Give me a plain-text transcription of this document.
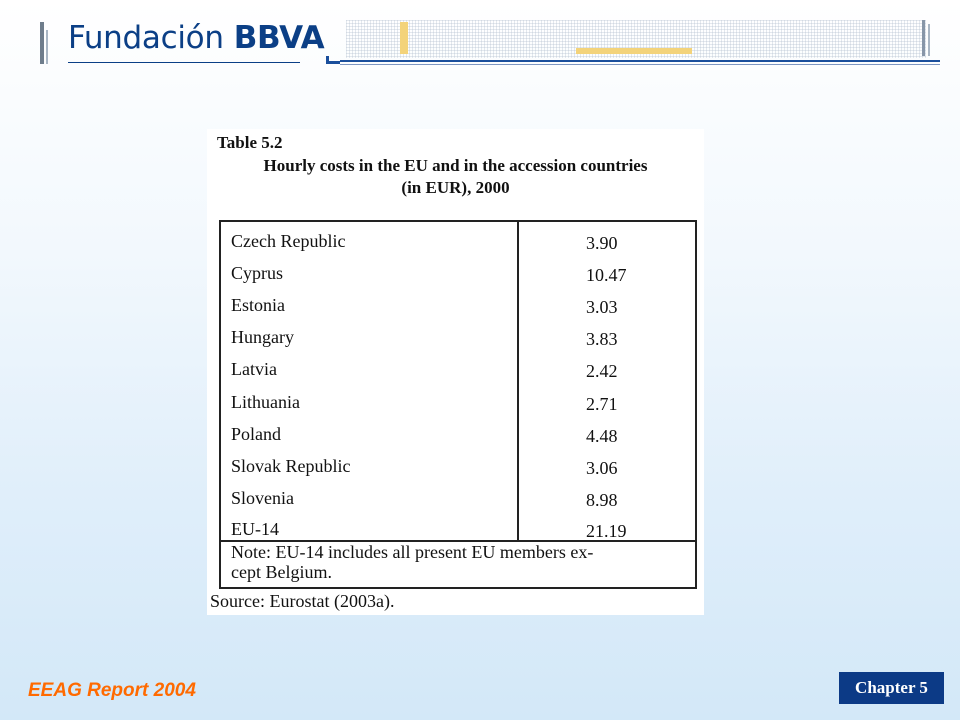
Fundación BBVA
Table 5.2
Hourly costs in the EU and in the accession countries
(in EUR), 2000
Czech Republic	3.90
Cyprus	10.47
Estonia	3.03
Hungary	3.83
Latvia	2.42
Lithuania	2.71
Poland	4.48
Slovak Republic	3.06
Slovenia	8.98
EU-14	21.19
Note: EU-14 includes all present EU members ex-
cept Belgium.
Source: Eurostat (2003a).
EEAG Report 2004	Chapter 5
